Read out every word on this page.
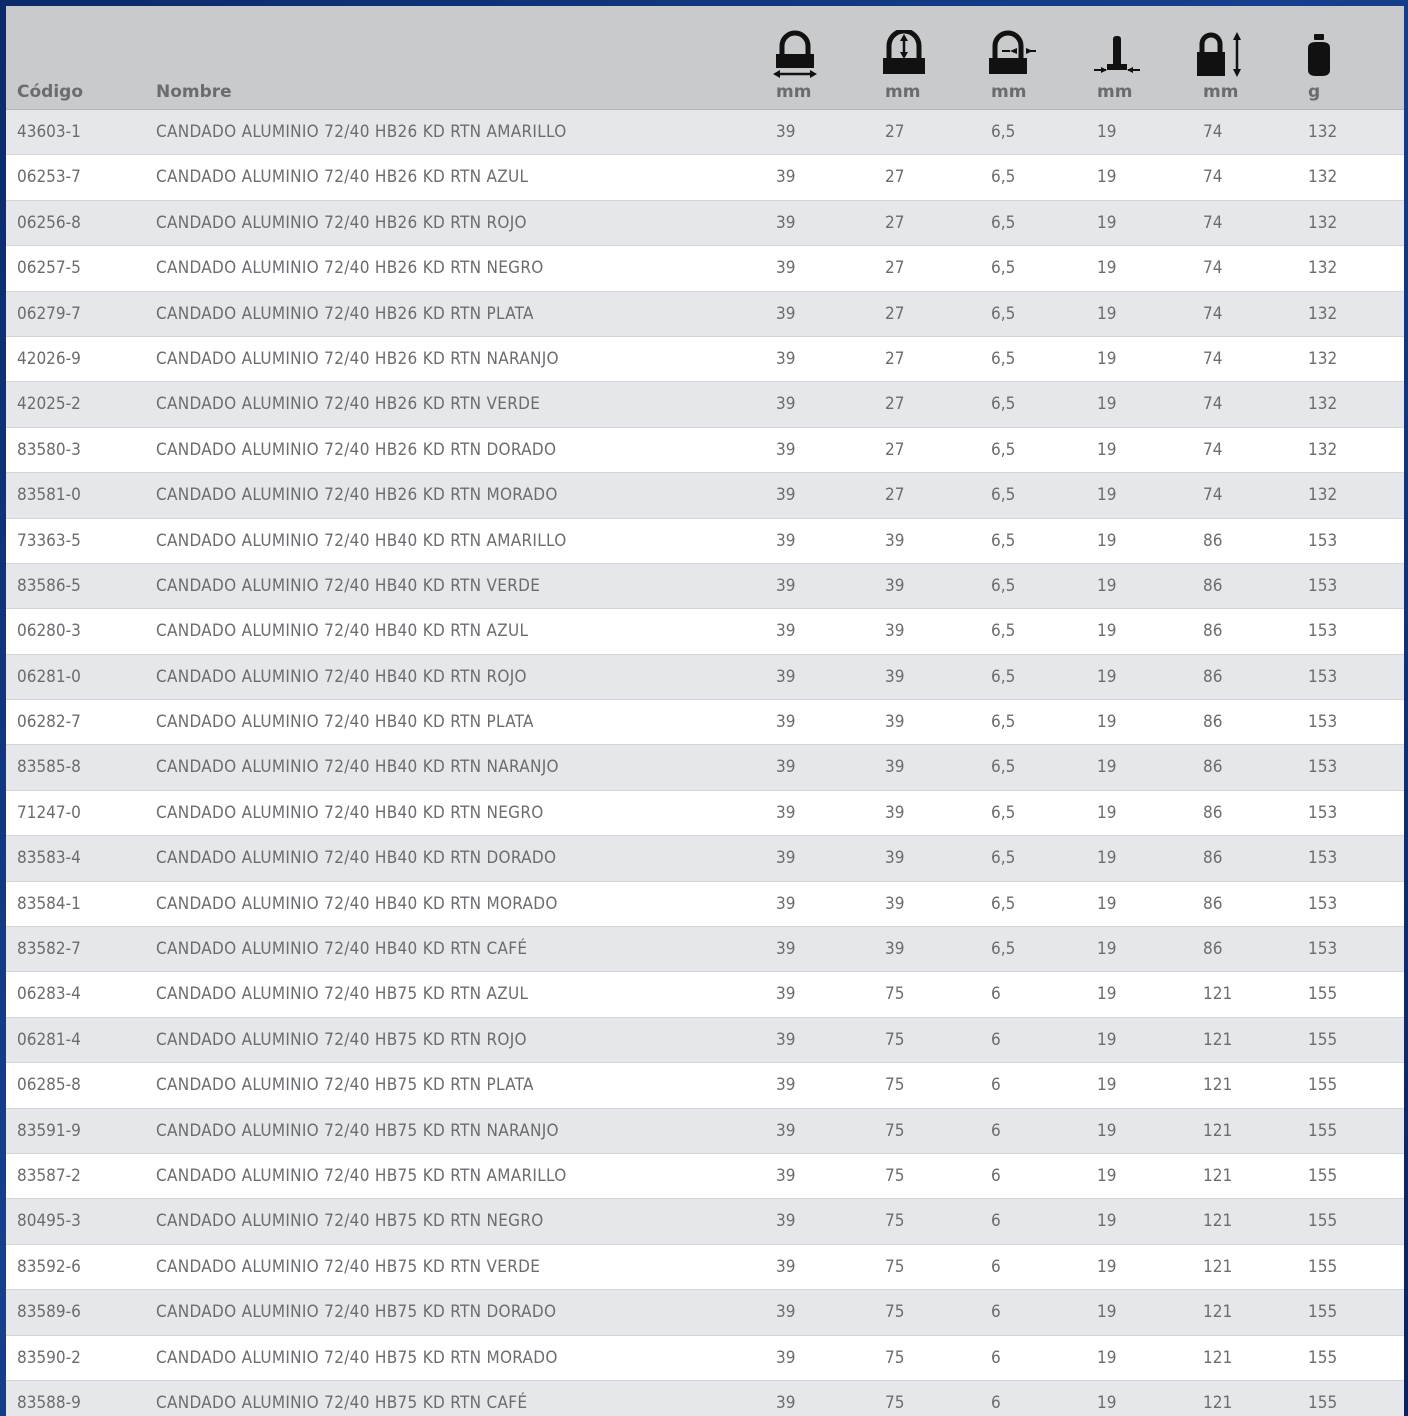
Código	Nombre	mm	mm	mm	mm	mm	g
43603-1	CANDADO ALUMINIO 72/40 HB26 KD RTN AMARILLO	39	27	6,5	19	74	132
06253-7	CANDADO ALUMINIO 72/40 HB26 KD RTN AZUL	39	27	6,5	19	74	132
06256-8	CANDADO ALUMINIO 72/40 HB26 KD RTN ROJO	39	27	6,5	19	74	132
06257-5	CANDADO ALUMINIO 72/40 HB26 KD RTN NEGRO	39	27	6,5	19	74	132
06279-7	CANDADO ALUMINIO 72/40 HB26 KD RTN PLATA	39	27	6,5	19	74	132
42026-9	CANDADO ALUMINIO 72/40 HB26 KD RTN NARANJO	39	27	6,5	19	74	132
42025-2	CANDADO ALUMINIO 72/40 HB26 KD RTN VERDE	39	27	6,5	19	74	132
83580-3	CANDADO ALUMINIO 72/40 HB26 KD RTN DORADO	39	27	6,5	19	74	132
83581-0	CANDADO ALUMINIO 72/40 HB26 KD RTN MORADO	39	27	6,5	19	74	132
73363-5	CANDADO ALUMINIO 72/40 HB40 KD RTN AMARILLO	39	39	6,5	19	86	153
83586-5	CANDADO ALUMINIO 72/40 HB40 KD RTN VERDE	39	39	6,5	19	86	153
06280-3	CANDADO ALUMINIO 72/40 HB40 KD RTN AZUL	39	39	6,5	19	86	153
06281-0	CANDADO ALUMINIO 72/40 HB40 KD RTN ROJO	39	39	6,5	19	86	153
06282-7	CANDADO ALUMINIO 72/40 HB40 KD RTN PLATA	39	39	6,5	19	86	153
83585-8	CANDADO ALUMINIO 72/40 HB40 KD RTN NARANJO	39	39	6,5	19	86	153
71247-0	CANDADO ALUMINIO 72/40 HB40 KD RTN NEGRO	39	39	6,5	19	86	153
83583-4	CANDADO ALUMINIO 72/40 HB40 KD RTN DORADO	39	39	6,5	19	86	153
83584-1	CANDADO ALUMINIO 72/40 HB40 KD RTN MORADO	39	39	6,5	19	86	153
83582-7	CANDADO ALUMINIO 72/40 HB40 KD RTN CAFÉ	39	39	6,5	19	86	153
06283-4	CANDADO ALUMINIO 72/40 HB75 KD RTN AZUL	39	75	6	19	121	155
06281-4	CANDADO ALUMINIO 72/40 HB75 KD RTN ROJO	39	75	6	19	121	155
06285-8	CANDADO ALUMINIO 72/40 HB75 KD RTN PLATA	39	75	6	19	121	155
83591-9	CANDADO ALUMINIO 72/40 HB75 KD RTN NARANJO	39	75	6	19	121	155
83587-2	CANDADO ALUMINIO 72/40 HB75 KD RTN AMARILLO	39	75	6	19	121	155
80495-3	CANDADO ALUMINIO 72/40 HB75 KD RTN NEGRO	39	75	6	19	121	155
83592-6	CANDADO ALUMINIO 72/40 HB75 KD RTN VERDE	39	75	6	19	121	155
83589-6	CANDADO ALUMINIO 72/40 HB75 KD RTN DORADO	39	75	6	19	121	155
83590-2	CANDADO ALUMINIO 72/40 HB75 KD RTN MORADO	39	75	6	19	121	155
83588-9	CANDADO ALUMINIO 72/40 HB75 KD RTN CAFÉ	39	75	6	19	121	155
